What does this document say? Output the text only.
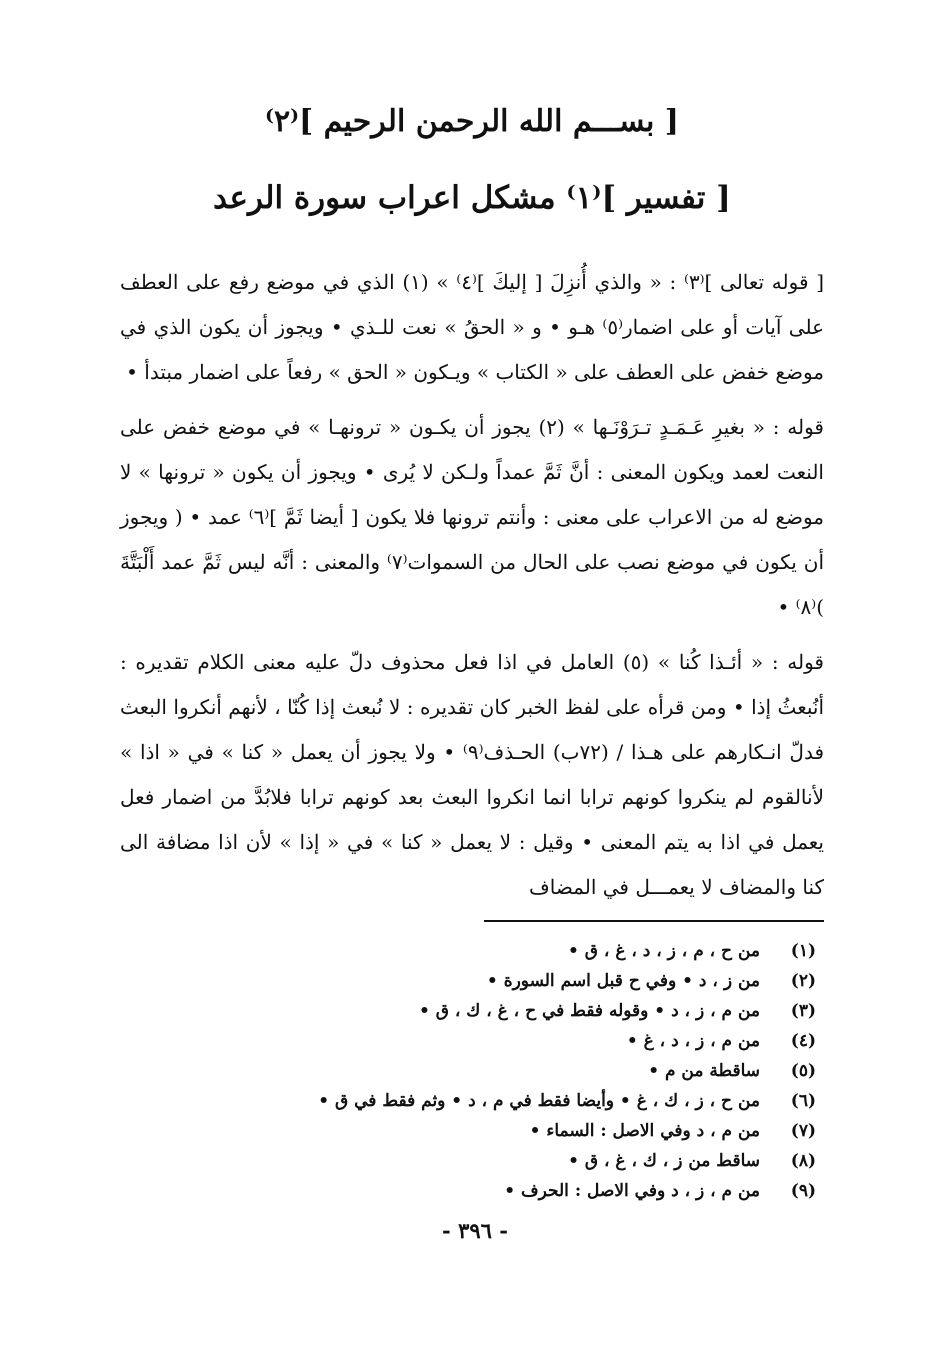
[ بســـم الله الرحمن الرحيم ]⁽٢⁾
[ تفسير ]⁽١⁾ مشكل اعراب سورة الرعد

[ قوله تعالى ]⁽٣⁾ : « والذي أُنزِلَ [ إليكَ ]⁽٤⁾ » (١) الذي في موضع رفع على العطف على آيات أو على اضمار⁽٥⁾ هـو • و « الحقُ » نعت للـذي • ويجوز أن يكون الذي في موضع خفض على العطف على « الكتاب » ويـكون « الحق » رفعاً على اضمار مبتدأ •

قوله : « بغيرِ عَـمَـدٍ تـرَوْنَـها » (٢) يجوز أن يكـون « ترونهـا » في موضع خفض على النعت لعمد ويكون المعنى : أنَّ ثَمَّ عمداً ولـكن لا يُرى • ويجوز أن يكون « ترونها » لا موضع له من الاعراب على معنى : وأنتم ترونها فلا يكون [ أيضا ثَمَّ ]⁽٦⁾ عمد • ( ويجوز أن يكون في موضع نصب على الحال من السموات⁽٧⁾ والمعنى : أنَّه ليس ثَمَّ عمد أَلْبَتَّةَ )⁽٨⁾ •

قوله : « أئـذا كُنا » (٥) العامل في اذا فعل محذوف دلّ عليه معنى الكلام تقديره : أنُبعثُ إذا • ومن قرأه على لفظ الخبر كان تقديره : لا نُبعث إذا كُنّا ، لأنهم أنكروا البعث فدلّ انـكارهم على هـذا / (٧٢ب) الحـذف⁽٩⁾ • ولا يجوز أن يعمل « كنا » في « اذا » لأنالقوم لم ينكروا كونهم ترابا انما انكروا البعث بعد كونهم ترابا فلابُدَّ من اضمار فعل يعمل في اذا به يتم المعنى • وقيل : لا يعمل « كنا » في « إذا » لأن اذا مضافة الى كنا والمضاف لا يعمـــل في المضاف

(١)
من ح ، م ، ز ، د ، غ ، ق •
(٢)
من ز ، د • وفي ح قبل اسم السورة •
(٣)
من م ، ز ، د • وقوله فقط في ح ، غ ، ك ، ق •
(٤)
من م ، ز ، د ، غ •
(٥)
ساقطة من م •
(٦)
من ح ، ز ، ك ، غ • وأيضا فقط في م ، د • وثم فقط في ق •
(٧)
من م ، د وفي الاصل : السماء •
(٨)
ساقط من ز ، ك ، غ ، ق •
(٩)
من م ، ز ، د وفي الاصل : الحرف •
- ٣٩٦ -
